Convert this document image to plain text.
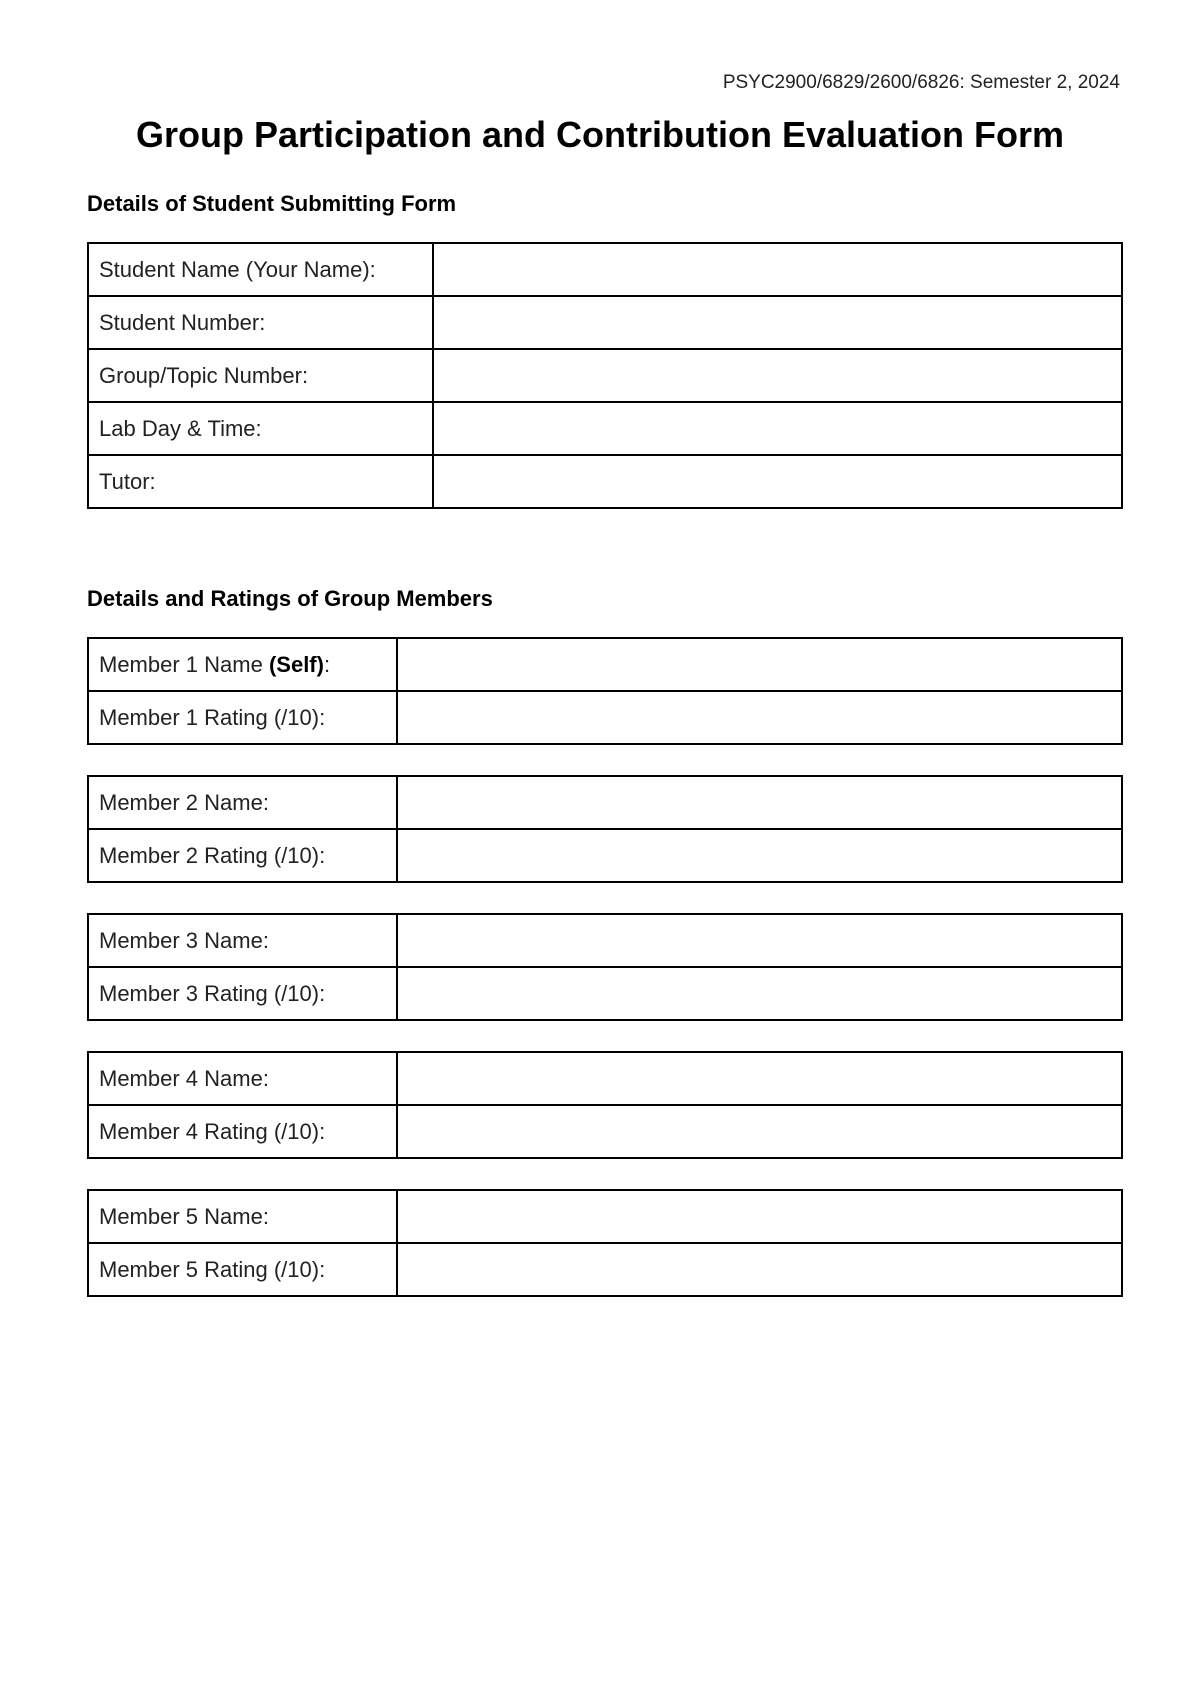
PSYC2900/6829/2600/6826: Semester 2, 2024
Group Participation and Contribution Evaluation Form
Details of Student Submitting Form
Student Name (Your Name):	
Student Number:	
Group/Topic Number:	
Lab Day & Time:	
Tutor:	
Details and Ratings of Group Members
Member 1 Name (Self):	
Member 1 Rating (/10):	
Member 2 Name:	
Member 2 Rating (/10):	
Member 3 Name:	
Member 3 Rating (/10):	
Member 4 Name:	
Member 4 Rating (/10):	
Member 5 Name:	
Member 5 Rating (/10):	
